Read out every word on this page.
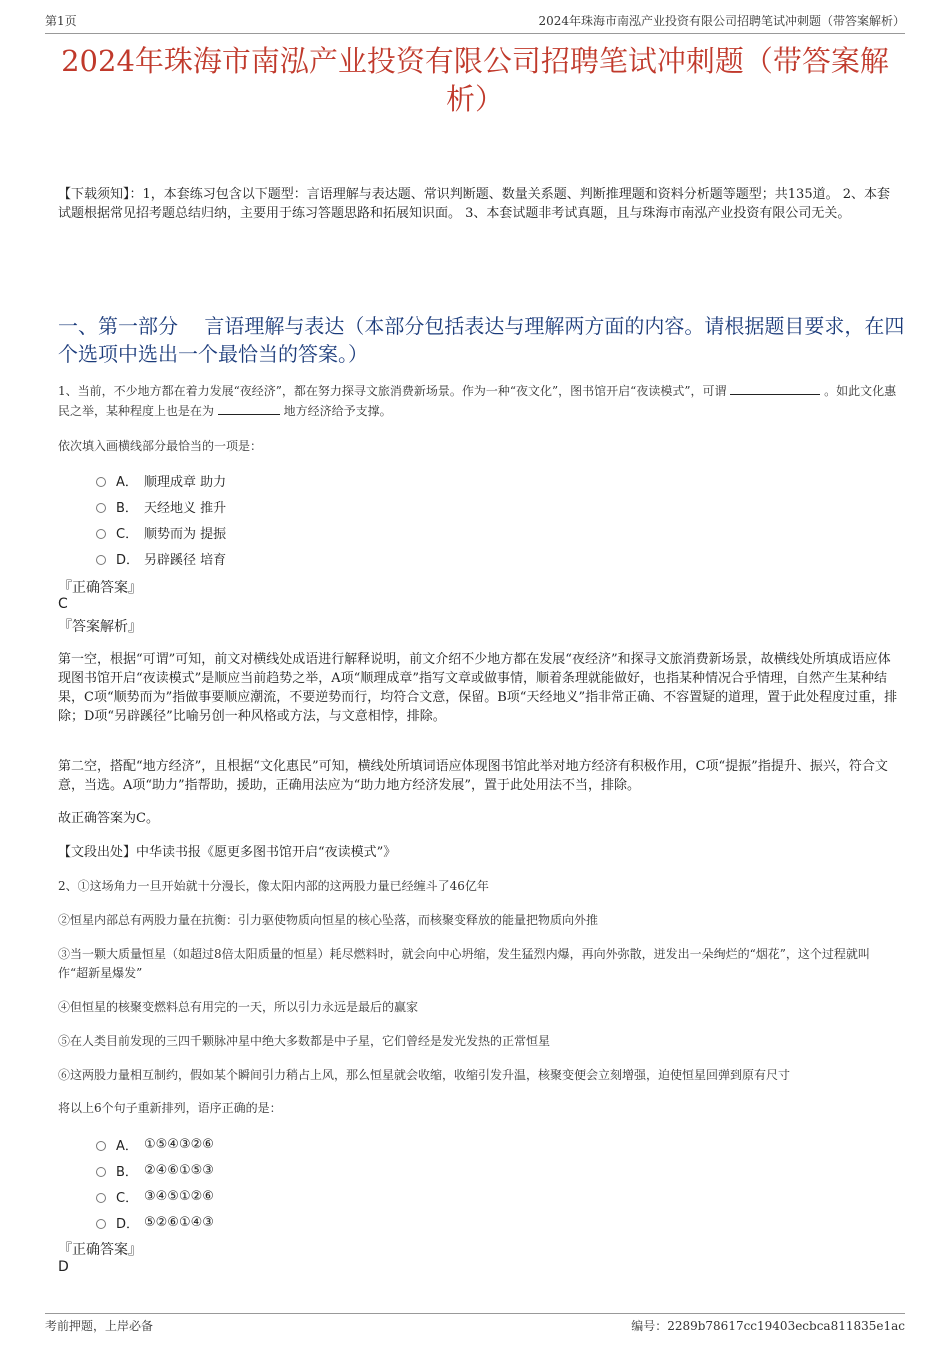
第1页	2024年珠海市南泓产业投资有限公司招聘笔试冲刺题（带答案解析）
2024年珠海市南泓产业投资有限公司招聘笔试冲刺题（带答案解析）
【下载须知】：1，本套练习包含以下题型：言语理解与表达题、常识判断题、数量关系题、判断推理题和资料分析题等题型；共135道。 2、本套试题根据常见招考题总结归纳，主要用于练习答题思路和拓展知识面。 3、本套试题非考试真题，且与珠海市南泓产业投资有限公司无关。
一、第一部分　 言语理解与表达（本部分包括表达与理解两方面的内容。请根据题目要求，在四个选项中选出一个最恰当的答案。）
1、当前，不少地方都在着力发展“夜经济”，都在努力探寻文旅消费新场景。作为一种“夜文化”，图书馆开启“夜读模式”，可谓	。如此文化惠民之举，某种程度上也是在为	地方经济给予支撑。
依次填入画横线部分最恰当的一项是：
A． 顺理成章 助力
B． 天经地义 推升
C． 顺势而为 提振
D． 另辟蹊径 培育
『正确答案』
C
『答案解析』
第一空，根据“可谓”可知，前文对横线处成语进行解释说明，前文介绍不少地方都在发展“夜经济”和探寻文旅消费新场景，故横线处所填成语应体现图书馆开启“夜读模式”是顺应当前趋势之举，A项“顺理成章”指写文章或做事情，顺着条理就能做好，也指某种情况合乎情理，自然产生某种结果，C项“顺势而为”指做事要顺应潮流，不要逆势而行，均符合文意，保留。B项“天经地义”指非常正确、不容置疑的道理，置于此处程度过重，排除；D项“另辟蹊径”比喻另创一种风格或方法，与文意相悖，排除。
第二空，搭配“地方经济”，且根据“文化惠民”可知，横线处所填词语应体现图书馆此举对地方经济有积极作用，C项“提振”指提升、振兴，符合文意，当选。A项“助力”指帮助，援助，正确用法应为“助力地方经济发展”，置于此处用法不当，排除。
故正确答案为C。
【文段出处】中华读书报《愿更多图书馆开启“夜读模式”》
2、①这场角力一旦开始就十分漫长，像太阳内部的这两股力量已经缠斗了46亿年
②恒星内部总有两股力量在抗衡：引力驱使物质向恒星的核心坠落，而核聚变释放的能量把物质向外推
③当一颗大质量恒星（如超过8倍太阳质量的恒星）耗尽燃料时，就会向中心坍缩，发生猛烈内爆，再向外弥散，迸发出一朵绚烂的“烟花”，这个过程就叫作“超新星爆发”
④但恒星的核聚变燃料总有用完的一天，所以引力永远是最后的赢家
⑤在人类目前发现的三四千颗脉冲星中绝大多数都是中子星，它们曾经是发光发热的正常恒星
⑥这两股力量相互制约，假如某个瞬间引力稍占上风，那么恒星就会收缩，收缩引发升温，核聚变便会立刻增强，迫使恒星回弹到原有尺寸
将以上6个句子重新排列，语序正确的是：
A． ①⑤④③②⑥
B． ②④⑥①⑤③
C． ③④⑤①②⑥
D． ⑤②⑥①④③
『正确答案』
D
考前押题，上岸必备	编号：2289b78617cc19403ecbca811835e1ac
